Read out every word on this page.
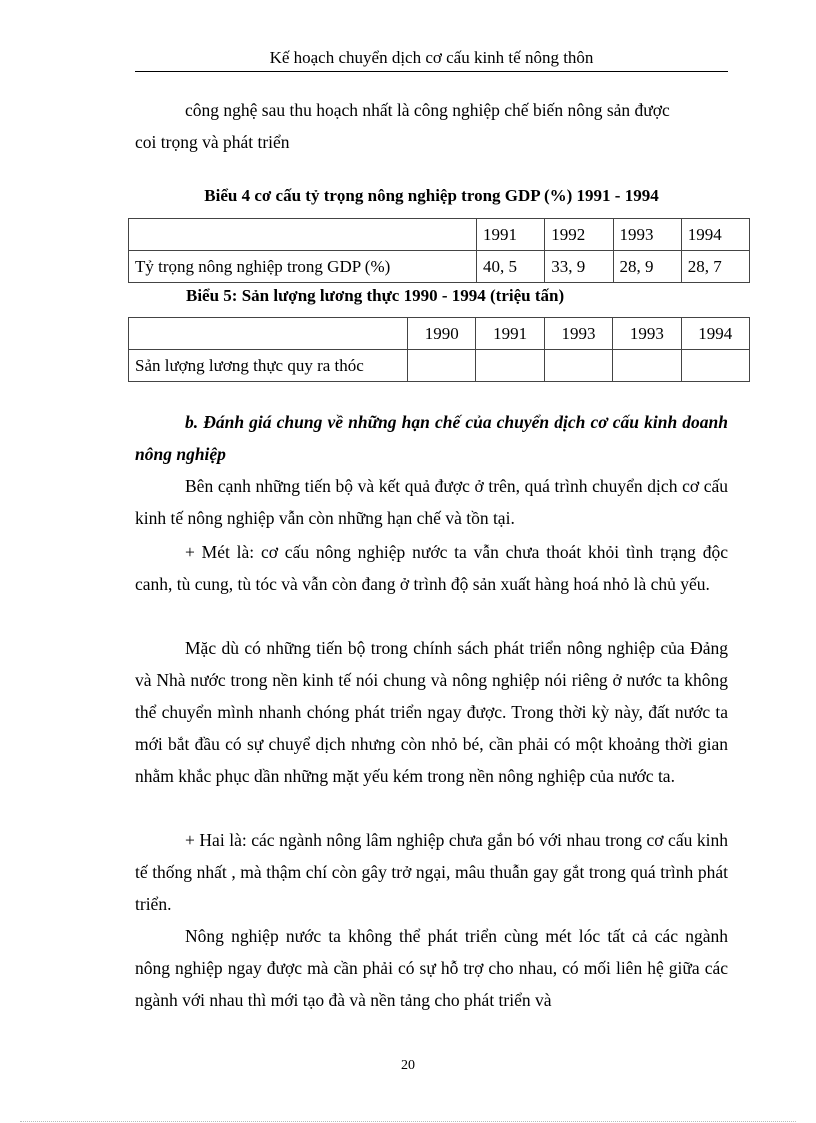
Kế hoạch chuyển dịch cơ cấu kinh tế nông thôn
công nghệ sau thu hoạch nhất là công nghiệp chế biến nông sản được
coi trọng và phát triển
Biểu 4 cơ cấu tỷ trọng nông nghiệp trong GDP (%) 1991 - 1994
	1991	1992	1993	1994
Tỷ trọng nông nghiệp trong GDP (%)	40, 5	33, 9	28, 9	28, 7
Biểu 5: Sản lượng lương thực 1990 - 1994 (triệu tấn)
	1990	1991	1993	1993	1994
Sản lượng lương thực quy ra thóc					
b. Đánh giá chung về những hạn chế của chuyển dịch cơ cấu kinh doanh nông nghiệp
Bên cạnh những tiến bộ và kết quả được ở trên, quá trình chuyển dịch cơ cấu kinh tế nông nghiệp vẫn còn những hạn chế và tồn tại.
+ Mét là: cơ cấu nông nghiệp nước ta vẫn chưa thoát khỏi tình trạng độc canh, tù cung, tù tóc và vẫn còn đang ở trình độ sản xuất hàng hoá nhỏ là chủ yếu.
Mặc dù có những tiến bộ trong chính sách phát triển nông nghiệp của Đảng và Nhà nước trong nền kinh tế nói chung và nông nghiệp nói riêng ở nước ta không thể chuyển mình nhanh chóng phát triển ngay được. Trong thời kỳ này, đất nước ta mới bắt đầu có sự chuyể dịch nhưng còn nhỏ bé, cần phải có một khoảng thời gian nhằm khắc phục dần những mặt yếu kém trong nền nông nghiệp của nước ta.
+ Hai là: các ngành nông lâm nghiệp chưa gắn bó với nhau trong cơ cấu kinh tế thống nhất , mà thậm chí còn gây trở ngại, mâu thuẫn gay gắt trong quá trình phát triển.
Nông nghiệp nước ta không thể phát triển cùng mét lóc tất cả các ngành nông nghiệp ngay được mà cần phải có sự hỗ trợ cho nhau, có mối liên hệ giữa các ngành với nhau thì mới tạo đà và nền tảng cho phát triển và
20
